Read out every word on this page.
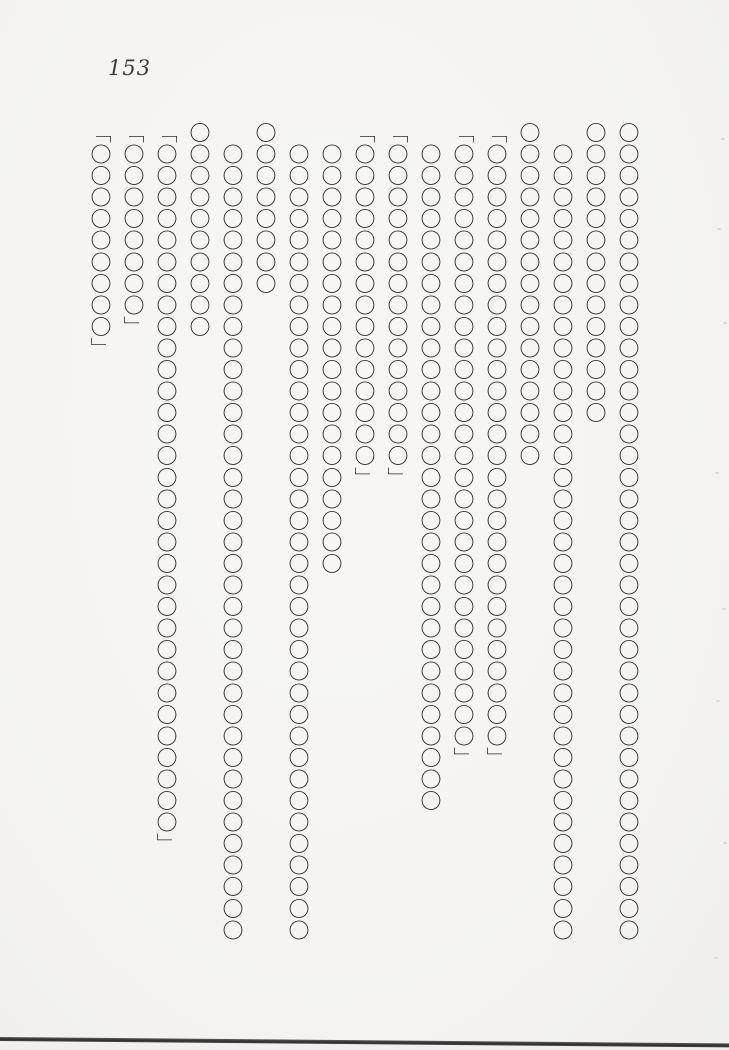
153
〇〇〇〇〇〇〇〇〇〇〇〇〇〇〇〇〇〇〇〇〇〇〇〇〇〇〇〇〇〇〇〇〇〇〇〇〇〇
〇〇〇〇〇〇〇〇〇〇〇〇〇〇
　〇〇〇〇〇〇〇〇〇〇〇〇〇〇〇〇〇〇〇〇〇〇〇〇〇〇〇〇〇〇〇〇〇〇〇〇〇
〇〇〇〇〇〇〇〇〇〇〇〇〇〇〇〇
「〇〇〇〇〇〇〇〇〇〇〇〇〇〇〇〇〇〇〇〇〇〇〇〇〇〇〇〇」
「〇〇〇〇〇〇〇〇〇〇〇〇〇〇〇〇〇〇〇〇〇〇〇〇〇〇〇〇」
　〇〇〇〇〇〇〇〇〇〇〇〇〇〇〇〇〇〇〇〇〇〇〇〇〇〇〇〇〇〇〇
「〇〇〇〇〇〇〇〇〇〇〇〇〇〇〇」
「〇〇〇〇〇〇〇〇〇〇〇〇〇〇〇」
　〇〇〇〇〇〇〇〇〇〇〇〇〇〇〇〇〇〇〇〇
　〇〇〇〇〇〇〇〇〇〇〇〇〇〇〇〇〇〇〇〇〇〇〇〇〇〇〇〇〇〇〇〇〇〇〇〇〇
〇〇〇〇〇〇〇〇
　〇〇〇〇〇〇〇〇〇〇〇〇〇〇〇〇〇〇〇〇〇〇〇〇〇〇〇〇〇〇〇〇〇〇〇〇〇
〇〇〇〇〇〇〇〇〇〇
「〇〇〇〇〇〇〇〇〇〇〇〇〇〇〇〇〇〇〇〇〇〇〇〇〇〇〇〇〇〇〇〇」
「〇〇〇〇〇〇〇〇」
「〇〇〇〇〇〇〇〇〇」
